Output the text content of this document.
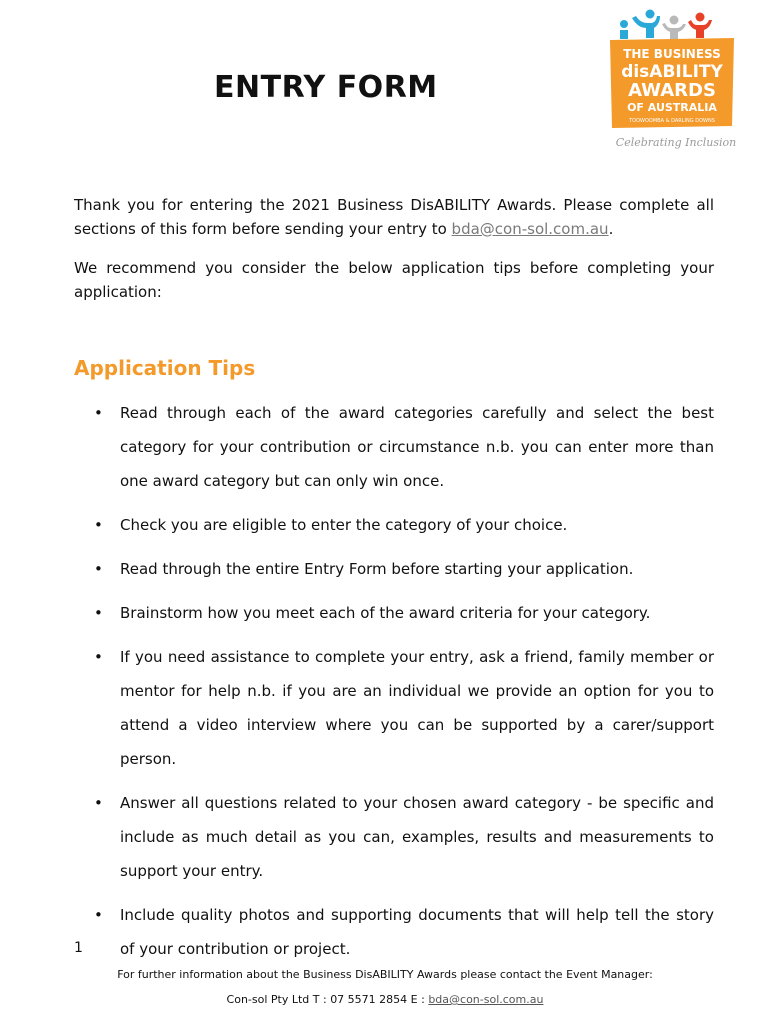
ENTRY FORM
THE BUSINESS
disABILITY
AWARDS
OF AUSTRALIA
TOOWOOMBA & DARLING DOWNS
Celebrating Inclusion

Thank you for entering the 2021 Business DisABILITY Awards. Please complete all sections of this form before sending your entry to bda@con-sol.com.au.

We recommend you consider the below application tips before completing your application:

Application Tips
• Read through each of the award categories carefully and select the best category for your contribution or circumstance n.b. you can enter more than one award category but can only win once.
• Check you are eligible to enter the category of your choice.
• Read through the entire Entry Form before starting your application.
• Brainstorm how you meet each of the award criteria for your category.
• If you need assistance to complete your entry, ask a friend, family member or mentor for help n.b. if you are an individual we provide an option for you to attend a video interview where you can be supported by a carer/support person.
• Answer all questions related to your chosen award category - be specific and include as much detail as you can, examples, results and measurements to support your entry.
• Include quality photos and supporting documents that will help tell the story of your contribution or project.
1
For further information about the Business DisABILITY Awards please contact the Event Manager:
Con-sol Pty Ltd T : 07 5571 2854 E : bda@con-sol.com.au
